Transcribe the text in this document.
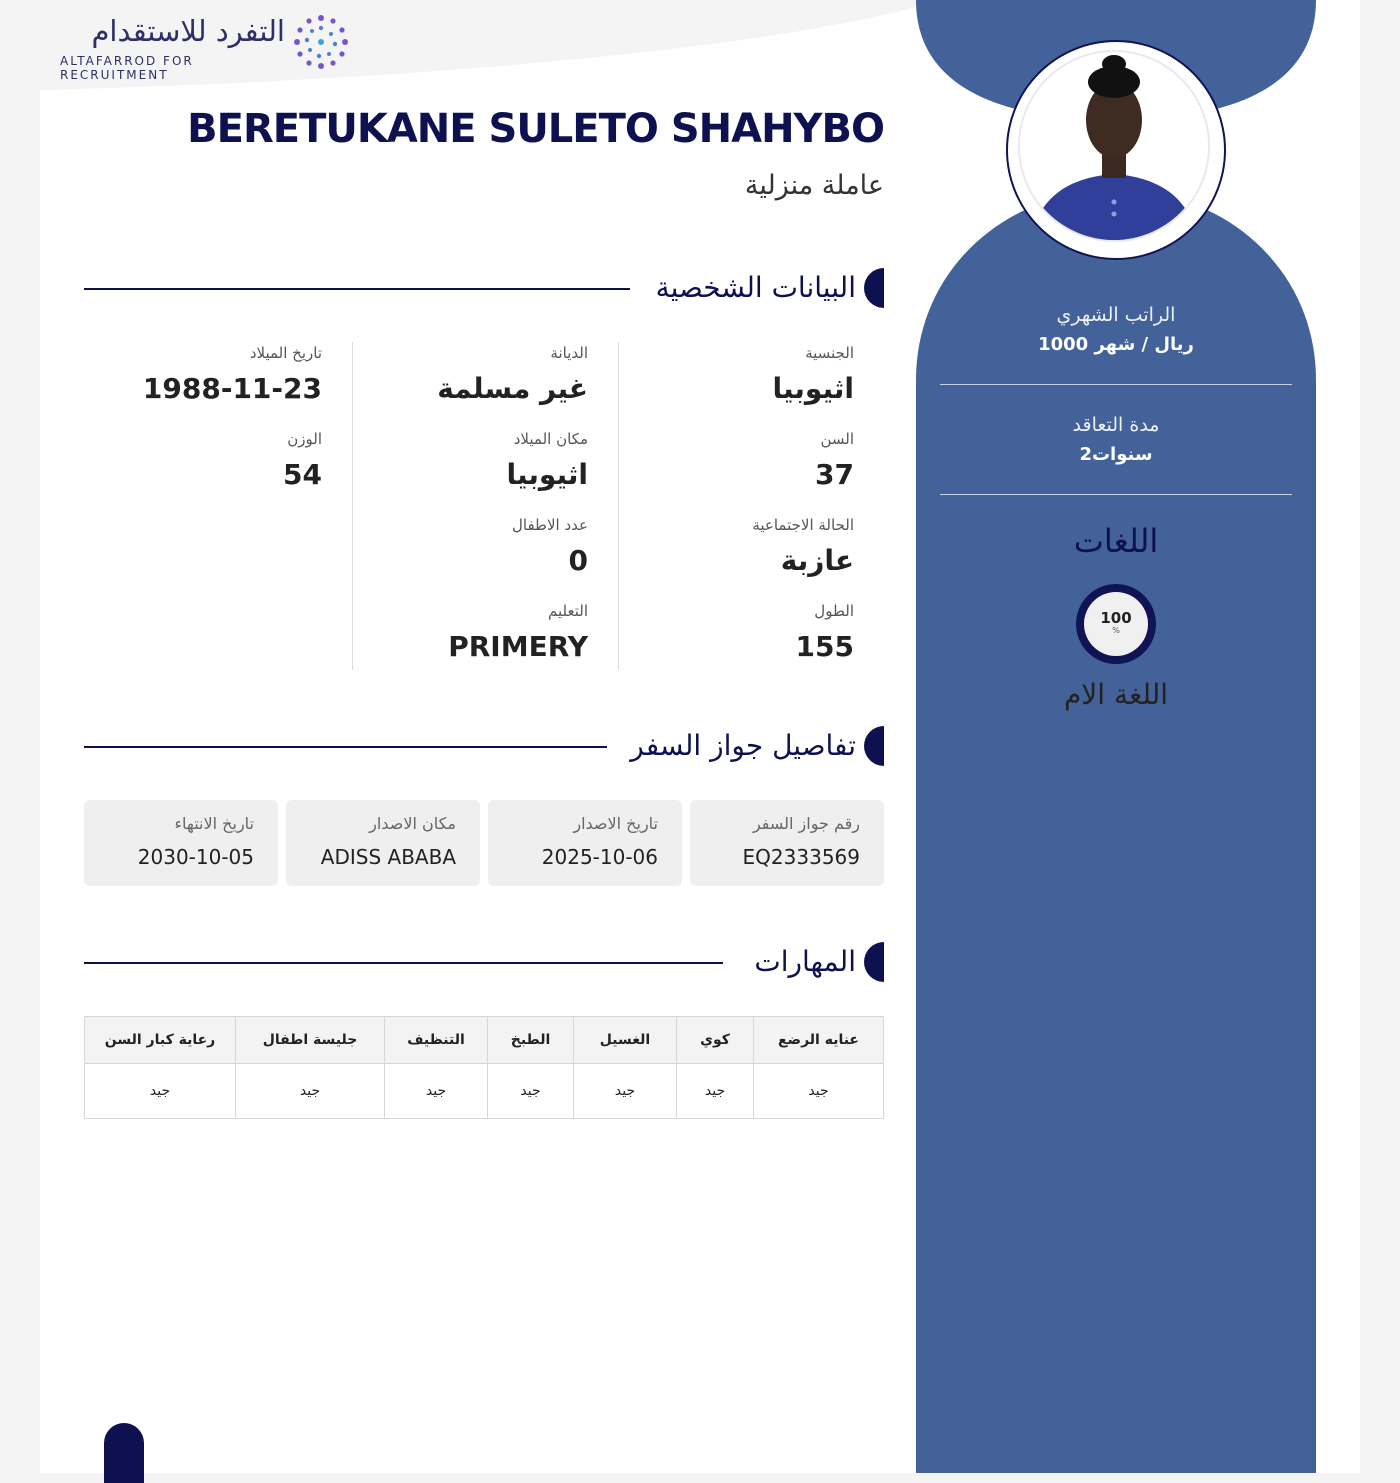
التفرد للاستقدام
ALTAFARROD FOR RECRUITMENT
الراتب الشهري
1000 ريال / شهر
مدة التعاقد
2سنوات
اللغات
100
%
اللغة الام
BERETUKANE SULETO SHAHYBO
عاملة منزلية
البيانات الشخصية
الجنسية
اثيوبيا
السن
37
الحالة الاجتماعية
عازبة
الطول
155
الديانة
غير مسلمة
مكان الميلاد
اثيوبيا
عدد الاطفال
0
التعليم
PRIMERY
تاريخ الميلاد
1988-11-23
الوزن
54
تفاصيل جواز السفر
رقم جواز السفر
EQ2333569
تاريخ الاصدار
2025-10-06
مكان الاصدار
ADISS ABABA
تاريخ الانتهاء
2030-10-05
المهارات
عنايه الرضع	كوي	الغسيل	الطبخ	التنظيف	جليسة اطفال	رعاية كبار السن
جيد	جيد	جيد	جيد	جيد	جيد	جيد
